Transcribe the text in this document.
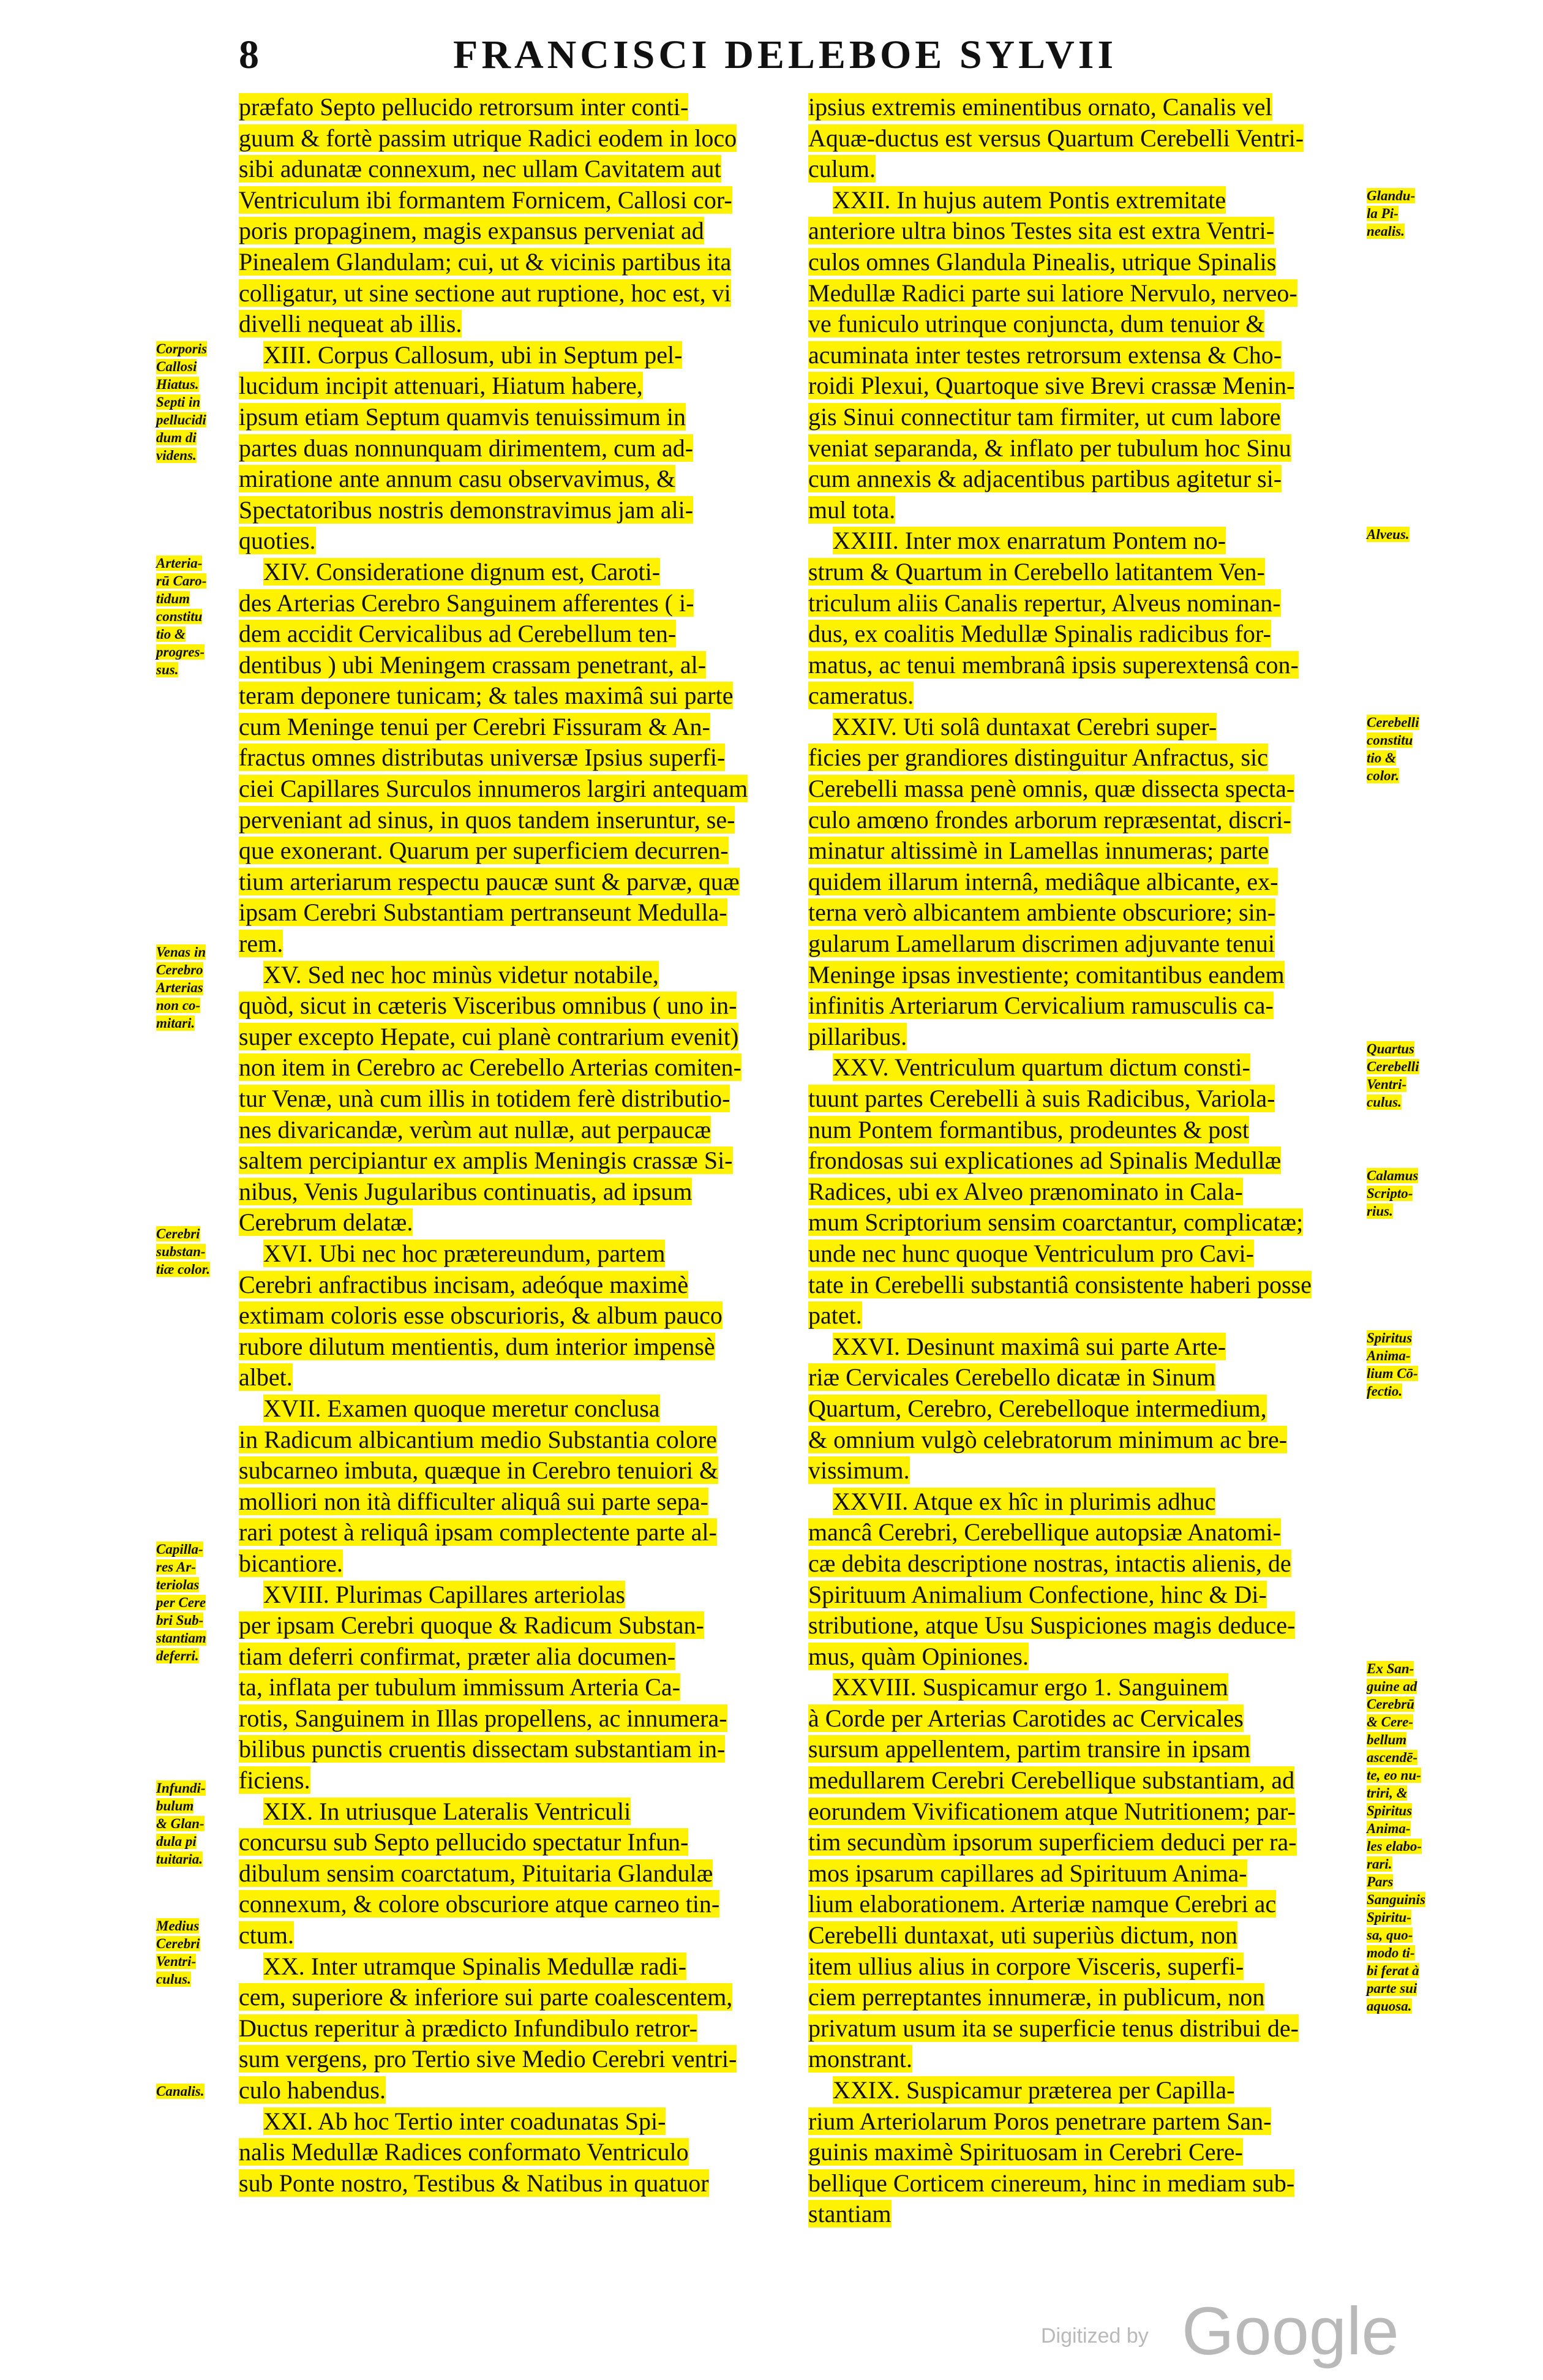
8	FRANCISCI DELEBOE SYLVII
præfato Septo pellucido retrorsum inter conti-
guum & fortè passim utrique Radici eodem in loco
sibi adunatæ connexum, nec ullam Cavitatem aut
Ventriculum ibi formantem Fornicem, Callosi cor-
poris propaginem, magis expansus perveniat ad
Pinealem Glandulam; cui, ut & vicinis partibus ita
colligatur, ut sine sectione aut ruptione, hoc est, vi
divelli nequeat ab illis.
XIII. Corpus Callosum, ubi in Septum pel-
lucidum incipit attenuari, Hiatum habere,
ipsum etiam Septum quamvis tenuissimum in
partes duas nonnunquam dirimentem, cum ad-
miratione ante annum casu observavimus, &
Spectatoribus nostris demonstravimus jam ali-
quoties.
XIV. Consideratione dignum est, Caroti-
des Arterias Cerebro Sanguinem afferentes ( i-
dem accidit Cervicalibus ad Cerebellum ten-
dentibus ) ubi Meningem crassam penetrant, al-
teram deponere tunicam; & tales maximâ sui parte
cum Meninge tenui per Cerebri Fissuram & An-
fractus omnes distributas universæ Ipsius superfi-
ciei Capillares Surculos innumeros largiri antequam
perveniant ad sinus, in quos tandem inseruntur, se-
que exonerant. Quarum per superficiem decurren-
tium arteriarum respectu paucæ sunt & parvæ, quæ
ipsam Cerebri Substantiam pertranseunt Medulla-
rem.
XV. Sed nec hoc minùs videtur notabile,
quòd, sicut in cæteris Visceribus omnibus ( uno in-
super excepto Hepate, cui planè contrarium evenit)
non item in Cerebro ac Cerebello Arterias comiten-
tur Venæ, unà cum illis in totidem ferè distributio-
nes divaricandæ, verùm aut nullæ, aut perpaucæ
saltem percipiantur ex amplis Meningis crassæ Si-
nibus, Venis Jugularibus continuatis, ad ipsum
Cerebrum delatæ.
XVI. Ubi nec hoc prætereundum, partem
Cerebri anfractibus incisam, adeóque maximè
extimam coloris esse obscurioris, & album pauco
rubore dilutum mentientis, dum interior impensè
albet.
XVII. Examen quoque meretur conclusa
in Radicum albicantium medio Substantia colore
subcarneo imbuta, quæque in Cerebro tenuiori &
molliori non ità difficulter aliquâ sui parte sepa-
rari potest à reliquâ ipsam complectente parte al-
bicantiore.
XVIII. Plurimas Capillares arteriolas
per ipsam Cerebri quoque & Radicum Substan-
tiam deferri confirmat, præter alia documen-
ta, inflata per tubulum immissum Arteria Ca-
rotis, Sanguinem in Illas propellens, ac innumera-
bilibus punctis cruentis dissectam substantiam in-
ficiens.
XIX. In utriusque Lateralis Ventriculi
concursu sub Septo pellucido spectatur Infun-
dibulum sensim coarctatum, Pituitaria Glandulæ
connexum, & colore obscuriore atque carneo tin-
ctum.
XX. Inter utramque Spinalis Medullæ radi-
cem, superiore & inferiore sui parte coalescentem,
Ductus reperitur à prædicto Infundibulo retror-
sum vergens, pro Tertio sive Medio Cerebri ventri-
culo habendus.
XXI. Ab hoc Tertio inter coadunatas Spi-
nalis Medullæ Radices conformato Ventriculo
sub Ponte nostro, Testibus & Natibus in quatuor
ipsius extremis eminentibus ornato, Canalis vel
Aquæ-ductus est versus Quartum Cerebelli Ventri-
culum.
XXII. In hujus autem Pontis extremitate
anteriore ultra binos Testes sita est extra Ventri-
culos omnes Glandula Pinealis, utrique Spinalis
Medullæ Radici parte sui latiore Nervulo, nerveo-
ve funiculo utrinque conjuncta, dum tenuior &
acuminata inter testes retrorsum extensa & Cho-
roidi Plexui, Quartoque sive Brevi crassæ Menin-
gis Sinui connectitur tam firmiter, ut cum labore
veniat separanda, & inflato per tubulum hoc Sinu
cum annexis & adjacentibus partibus agitetur si-
mul tota.
XXIII. Inter mox enarratum Pontem no-
strum & Quartum in Cerebello latitantem Ven-
triculum aliis Canalis repertur, Alveus nominan-
dus, ex coalitis Medullæ Spinalis radicibus for-
matus, ac tenui membranâ ipsis superextensâ con-
cameratus.
XXIV. Uti solâ duntaxat Cerebri super-
ficies per grandiores distinguitur Anfractus, sic
Cerebelli massa penè omnis, quæ dissecta specta-
culo amœno frondes arborum repræsentat, discri-
minatur altissimè in Lamellas innumeras; parte
quidem illarum internâ, mediâque albicante, ex-
terna verò albicantem ambiente obscuriore; sin-
gularum Lamellarum discrimen adjuvante tenui
Meninge ipsas investiente; comitantibus eandem
infinitis Arteriarum Cervicalium ramusculis ca-
pillaribus.
XXV. Ventriculum quartum dictum consti-
tuunt partes Cerebelli à suis Radicibus, Variola-
num Pontem formantibus, prodeuntes & post
frondosas sui explicationes ad Spinalis Medullæ
Radices, ubi ex Alveo prænominato in Cala-
mum Scriptorium sensim coarctantur, complicatæ;
unde nec hunc quoque Ventriculum pro Cavi-
tate in Cerebelli substantiâ consistente haberi posse
patet.
XXVI. Desinunt maximâ sui parte Arte-
riæ Cervicales Cerebello dicatæ in Sinum
Quartum, Cerebro, Cerebelloque intermedium,
& omnium vulgò celebratorum minimum ac bre-
vissimum.
XXVII. Atque ex hîc in plurimis adhuc
mancâ Cerebri, Cerebellique autopsiæ Anatomi-
cæ debita descriptione nostras, intactis alienis, de
Spirituum Animalium Confectione, hinc & Di-
stributione, atque Usu Suspiciones magis deduce-
mus, quàm Opiniones.
XXVIII. Suspicamur ergo 1. Sanguinem
à Corde per Arterias Carotides ac Cervicales
sursum appellentem, partim transire in ipsam
medullarem Cerebri Cerebellique substantiam, ad
eorundem Vivificationem atque Nutritionem; par-
tim secundùm ipsorum superficiem deduci per ra-
mos ipsarum capillares ad Spirituum Anima-
lium elaborationem. Arteriæ namque Cerebri ac
Cerebelli duntaxat, uti superiùs dictum, non
item ullius alius in corpore Visceris, superfi-
ciem perreptantes innumeræ, in publicum, non
privatum usum ita se superficie tenus distribui de-
monstrant.
XXIX. Suspicamur præterea per Capilla-
rium Arteriolarum Poros penetrare partem San-
guinis maximè Spirituosam in Cerebri Cere-
bellique Corticem cinereum, hinc in mediam sub-
stantiam
Corporis
Callosi
Hiatus.
Septi in
pellucidi
dum di
videns.
Arteria-
rū Caro-
tidum
constitu
tio &
progres-
sus.
Venas in
Cerebro
Arterias
non co-
mitari.
Cerebri
substan-
tiæ color.
Capilla-
res Ar-
teriolas
per Cere
bri Sub-
stantiam
deferri.
Infundi-
bulum
& Glan-
dula pi
tuitaria.
Medius
Cerebri
Ventri-
culus.
Canalis.
Glandu-
la Pi-
nealis.
Alveus.
Cerebelli
constitu
tio &
color.
Quartus
Cerebelli
Ventri-
culus.
Calamus
Scripto-
rius.
Spiritus
Anima-
lium Cō-
fectio.
Ex San-
guine ad
Cerebrū
& Cere-
bellum
ascendē-
te, eo nu-
triri, &
Spiritus
Anima-
les elabo-
rari.
Pars
Sanguinis
Spiritu-
sa, quo-
modo ti-
bi ferat à
parte sui
aquosa.
Digitized by Google
